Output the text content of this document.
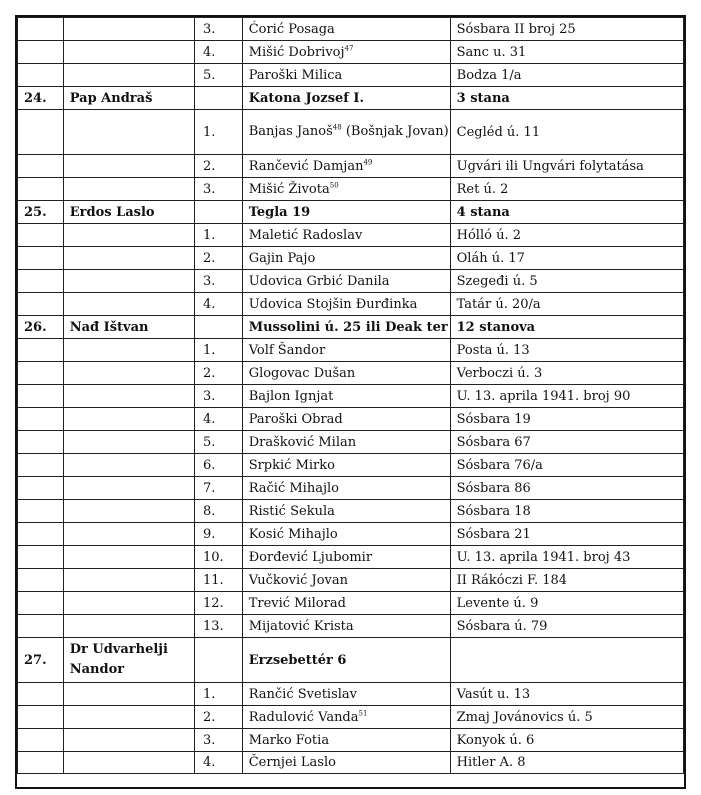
		3.	Ćorić Posaga	Sósbara II broj 25
		4.	Mišić Dobrivoj$^{47}$	Sanc u. 31
		5.	Paroški Milica	Bodza 1/a
24.	Pap Andraš		Katona Jozsef I.	3 stana
		1.	Banjas Janoš$^{48}$ (Bošnjak Jovan)	Cegléd ú. 11
		2.	Rančević Damjan$^{49}$	Ugvári ili Ungvári folytatása
		3.	Mišić Života$^{50}$	Ret ú. 2
25.	Erdos Laslo		Tegla 19	4 stana
		1.	Maletić Radoslav	Hólló ú. 2
		2.	Gajin Pajo	Oláh ú. 17
		3.	Udovica Grbić Danila	Szegeđi ú. 5
		4.	Udovica Stojšin Đurđinka	Tatár ú. 20/a
26.	Nađ Ištvan		Mussolini ú. 25 ili Deak ter	12 stanova
		1.	Volf Šandor	Posta ú. 13
		2.	Glogovac Dušan	Verboczi ú. 3
		3.	Bajlon Ignjat	U. 13. aprila 1941. broj 90
		4.	Paroški Obrad	Sósbara 19
		5.	Drašković Milan	Sósbara 67
		6.	Srpkić Mirko	Sósbara 76/a
		7.	Račić Mihajlo	Sósbara 86
		8.	Ristić Sekula	Sósbara 18
		9.	Kosić Mihajlo	Sósbara 21
		10.	Đorđević Ljubomir	U. 13. aprila 1941. broj 43
		11.	Vučković Jovan	II Rákóczi F. 184
		12.	Trević Milorad	Levente ú. 9
		13.	Mijatović Krista	Sósbara ú. 79
27.	Dr Udvarhelji Nandor		Erzsebettér 6	
		1.	Rančić Svetislav	Vasút u. 13
		2.	Radulović Vanda$^{51}$	Zmaj Jovánovics ú. 5
		3.	Marko Fotia	Konyok ú. 6
		4.	Černjei Laslo	Hitler A. 8
